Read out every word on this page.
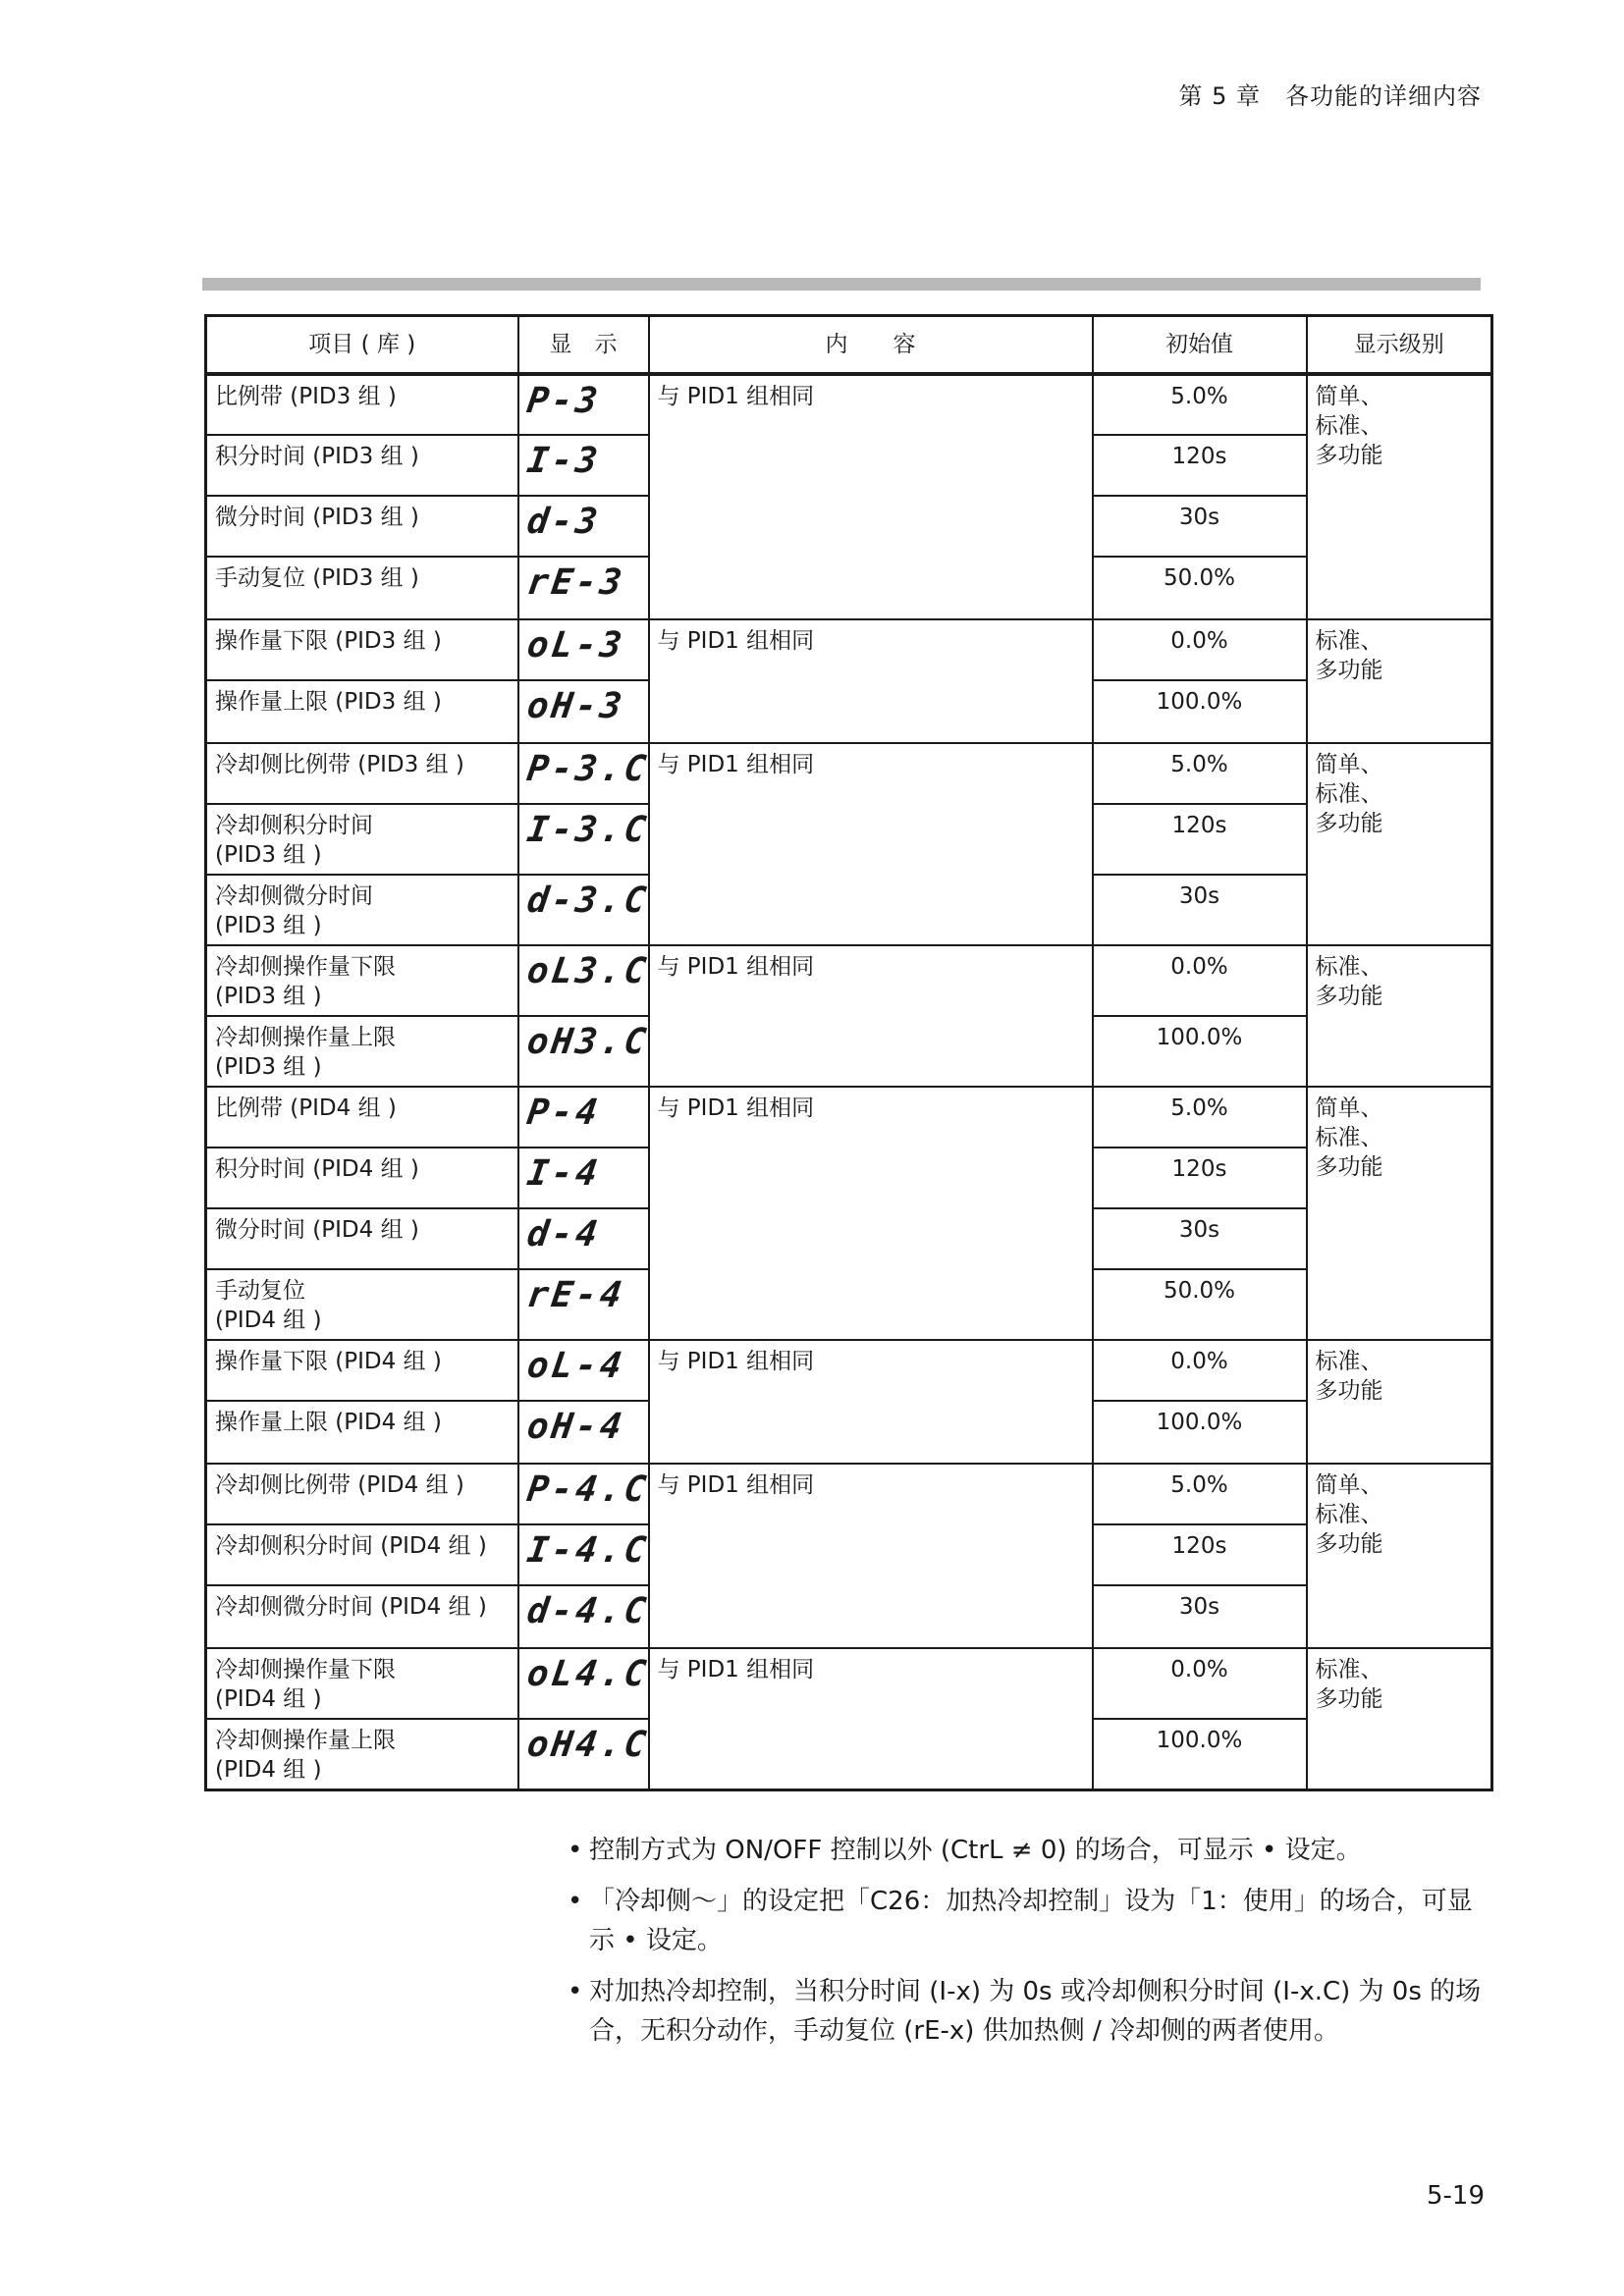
第 5 章　各功能的详细内容
项目 ( 库 )	显　示	内　　容	初始值	显示级别
比例带 (PID3 组 )	P-3	与 PID1 组相同	5.0%	简单、
标准、
多功能
积分时间 (PID3 组 )	I-3		120s	
微分时间 (PID3 组 )	d-3		30s	
手动复位 (PID3 组 )	rE-3		50.0%	
操作量下限 (PID3 组 )	oL-3	与 PID1 组相同	0.0%	标准、
多功能
操作量上限 (PID3 组 )	oH-3		100.0%	
冷却侧比例带 (PID3 组 )	P-3.C	与 PID1 组相同	5.0%	简单、
标准、
多功能
冷却侧积分时间
(PID3 组 )	I-3.C		120s	
冷却侧微分时间
(PID3 组 )	d-3.C		30s	
冷却侧操作量下限
(PID3 组 )	oL3.C	与 PID1 组相同	0.0%	标准、
多功能
冷却侧操作量上限
(PID3 组 )	oH3.C		100.0%	
比例带 (PID4 组 )	P-4	与 PID1 组相同	5.0%	简单、
标准、
多功能
积分时间 (PID4 组 )	I-4		120s	
微分时间 (PID4 组 )	d-4		30s	
手动复位
(PID4 组 )	rE-4		50.0%	
操作量下限 (PID4 组 )	oL-4	与 PID1 组相同	0.0%	标准、
多功能
操作量上限 (PID4 组 )	oH-4		100.0%	
冷却侧比例带 (PID4 组 )	P-4.C	与 PID1 组相同	5.0%	简单、
标准、
多功能
冷却侧积分时间 (PID4 组 )	I-4.C		120s	
冷却侧微分时间 (PID4 组 )	d-4.C		30s	
冷却侧操作量下限
(PID4 组 )	oL4.C	与 PID1 组相同	0.0%	标准、
多功能
冷却侧操作量上限
(PID4 组 )	oH4.C		100.0%	
• 控制方式为 ON/OFF 控制以外 (CtrL ≠ 0) 的场合，可显示 • 设定。
• 「冷却侧～」的设定把「C26：加热冷却控制」设为「1：使用」的场合，可显示 • 设定。
• 对加热冷却控制，当积分时间 (I-x) 为 0s 或冷却侧积分时间 (I-x.C) 为 0s 的场合，无积分动作，手动复位 (rE-x) 供加热侧 / 冷却侧的两者使用。
5-19
